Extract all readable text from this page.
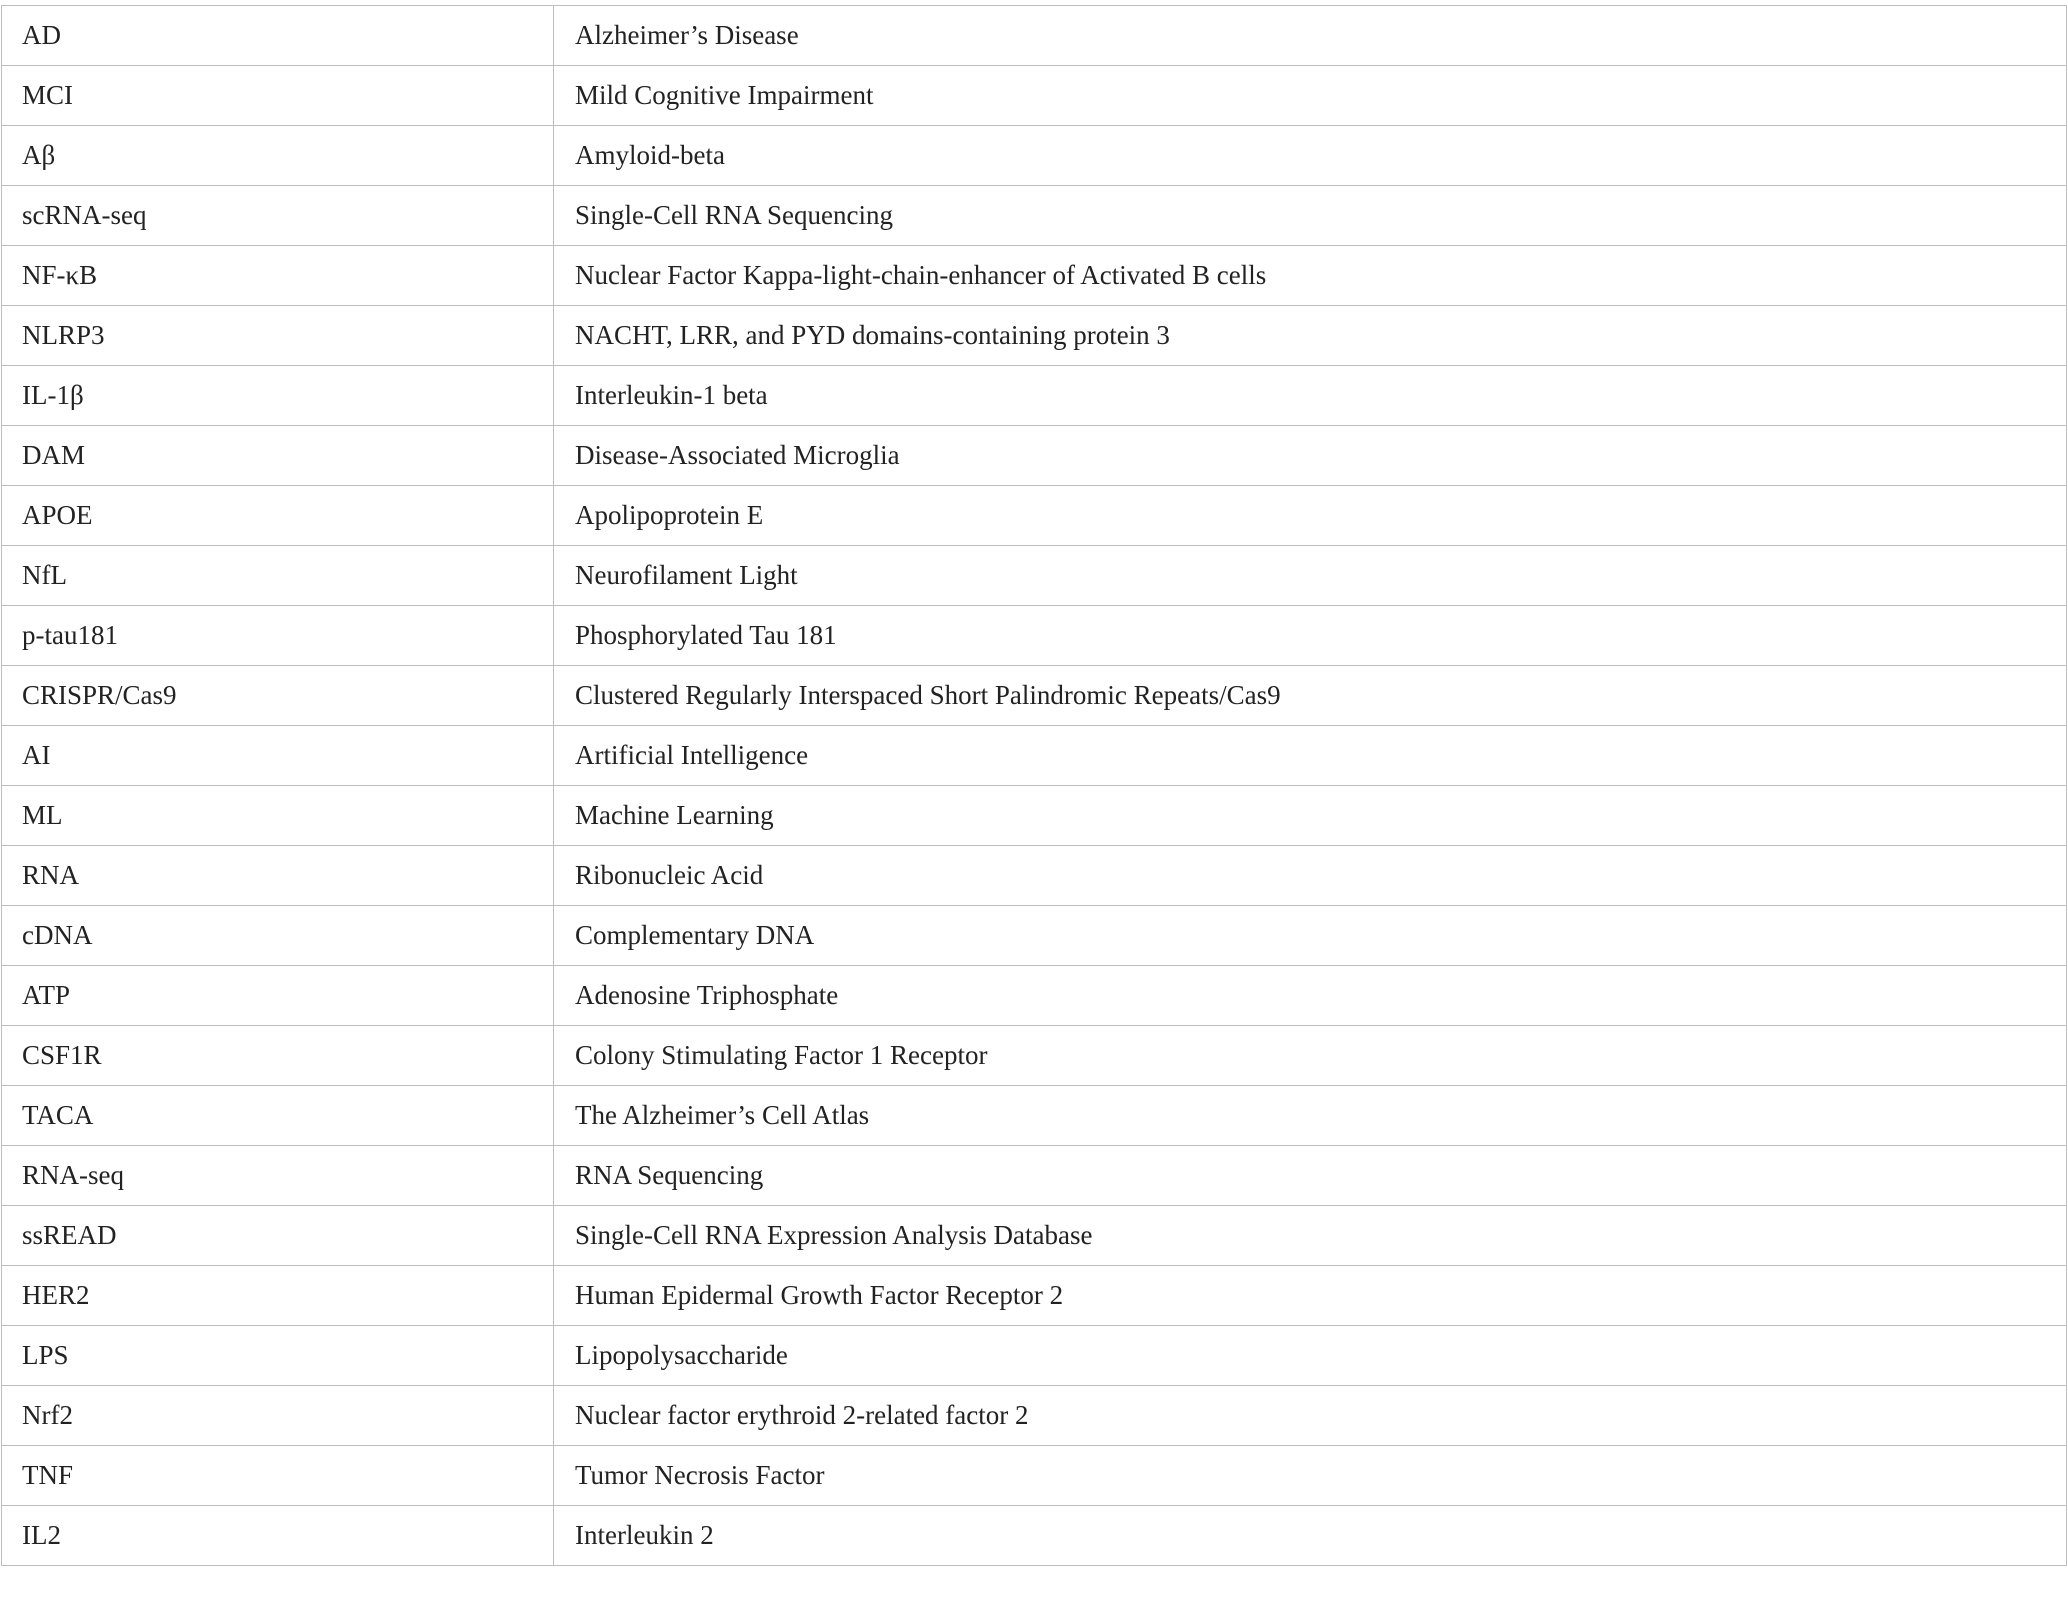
AD	Alzheimer’s Disease
MCI	Mild Cognitive Impairment
Aβ	Amyloid-beta
scRNA-seq	Single-Cell RNA Sequencing
NF-κB	Nuclear Factor Kappa-light-chain-enhancer of Activated B cells
NLRP3	NACHT, LRR, and PYD domains-containing protein 3
IL-1β	Interleukin-1 beta
DAM	Disease-Associated Microglia
APOE	Apolipoprotein E
NfL	Neurofilament Light
p-tau181	Phosphorylated Tau 181
CRISPR/Cas9	Clustered Regularly Interspaced Short Palindromic Repeats/Cas9
AI	Artificial Intelligence
ML	Machine Learning
RNA	Ribonucleic Acid
cDNA	Complementary DNA
ATP	Adenosine Triphosphate
CSF1R	Colony Stimulating Factor 1 Receptor
TACA	The Alzheimer’s Cell Atlas
RNA-seq	RNA Sequencing
ssREAD	Single-Cell RNA Expression Analysis Database
HER2	Human Epidermal Growth Factor Receptor 2
LPS	Lipopolysaccharide
Nrf2	Nuclear factor erythroid 2-related factor 2
TNF	Tumor Necrosis Factor
IL2	Interleukin 2
